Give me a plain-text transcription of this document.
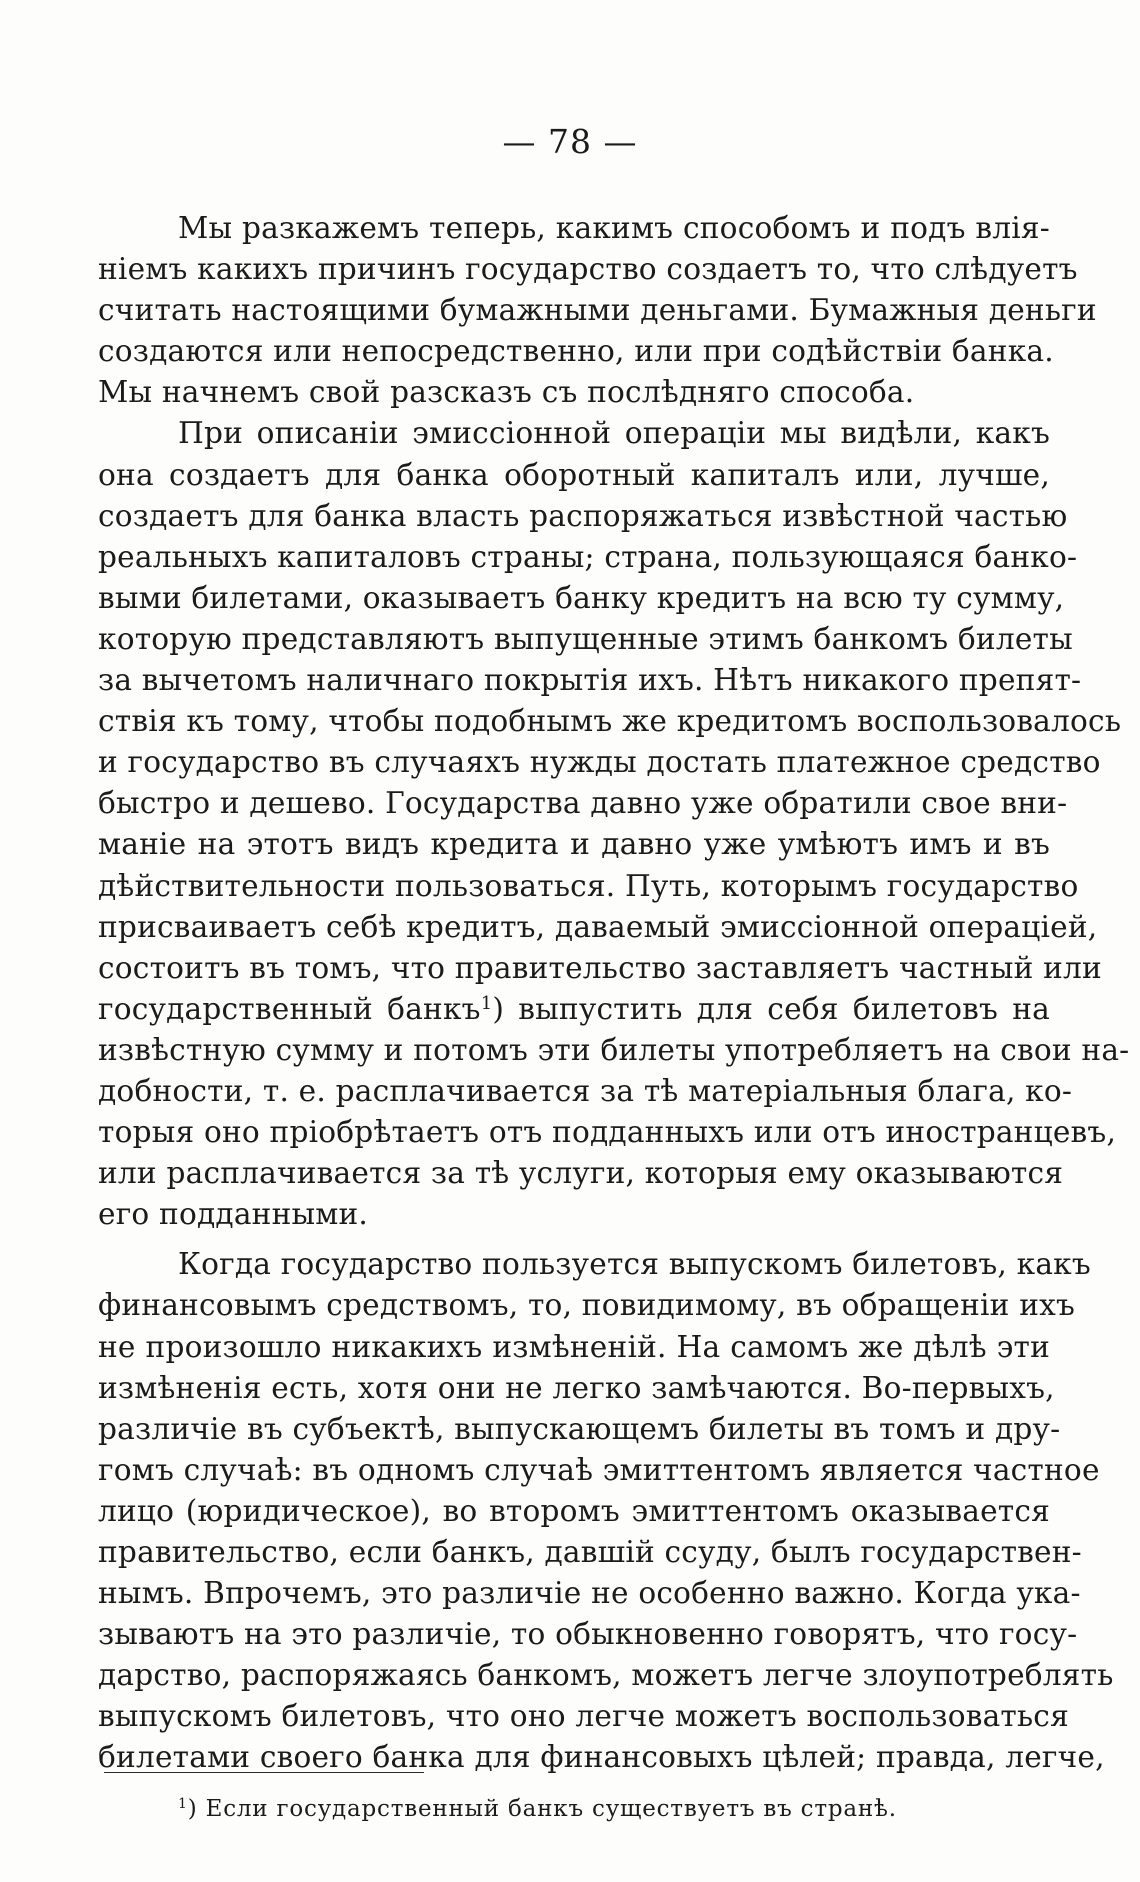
— 78 —
Мы разкажемъ теперь, какимъ способомъ и подъ влія-
ніемъ какихъ причинъ государство создаетъ то, что слѣдуетъ
считать настоящими бумажными деньгами. Бумажныя деньги
создаются или непосредственно, или при содѣйствіи банка.
Мы начнемъ свой разсказъ съ послѣдняго способа.
При описаніи эмиссіонной операціи мы видѣли, какъ
она создаетъ для банка оборотный капиталъ или, лучше,
создаетъ для банка власть распоряжаться извѣстной частью
реальныхъ капиталовъ страны; страна, пользующаяся банко-
выми билетами, оказываетъ банку кредитъ на всю ту сумму,
которую представляютъ выпущенные этимъ банкомъ билеты
за вычетомъ наличнаго покрытія ихъ. Нѣтъ никакого препят-
ствія къ тому, чтобы подобнымъ же кредитомъ воспользовалось
и государство въ случаяхъ нужды достать платежное средство
быстро и дешево. Государства давно уже обратили свое вни-
маніе на этотъ видъ кредита и давно уже умѣютъ имъ и въ
дѣйствительности пользоваться. Путь, которымъ государство
присваиваетъ себѣ кредитъ, даваемый эмиссіонной операціей,
состоитъ въ томъ, что правительство заставляетъ частный или
государственный банкъ$^1$) выпустить для себя билетовъ на
извѣстную сумму и потомъ эти билеты употребляетъ на свои на-
добности, т. е. расплачивается за тѣ матеріальныя блага, ко-
торыя оно пріобрѣтаетъ отъ подданныхъ или отъ иностранцевъ,
или расплачивается за тѣ услуги, которыя ему оказываются
его подданными.
Когда государство пользуется выпускомъ билетовъ, какъ
финансовымъ средствомъ, то, повидимому, въ обращеніи ихъ
не произошло никакихъ измѣненій. На самомъ же дѣлѣ эти
измѣненія есть, хотя они не легко замѣчаются. Во-первыхъ,
различіе въ субъектѣ, выпускающемъ билеты въ томъ и дру-
гомъ случаѣ: въ одномъ случаѣ эмиттентомъ является частное
лицо (юридическое), во второмъ эмиттентомъ оказывается
правительство, если банкъ, давшій ссуду, былъ государствен-
нымъ. Впрочемъ, это различіе не особенно важно. Когда ука-
зываютъ на это различіе, то обыкновенно говорятъ, что госу-
дарство, распоряжаясь банкомъ, можетъ легче злоупотреблять
выпускомъ билетовъ, что оно легче можетъ воспользоваться
билетами своего банка для финансовыхъ цѣлей; правда, легче,
$^1$) Если государственный банкъ существуетъ въ странѣ.
